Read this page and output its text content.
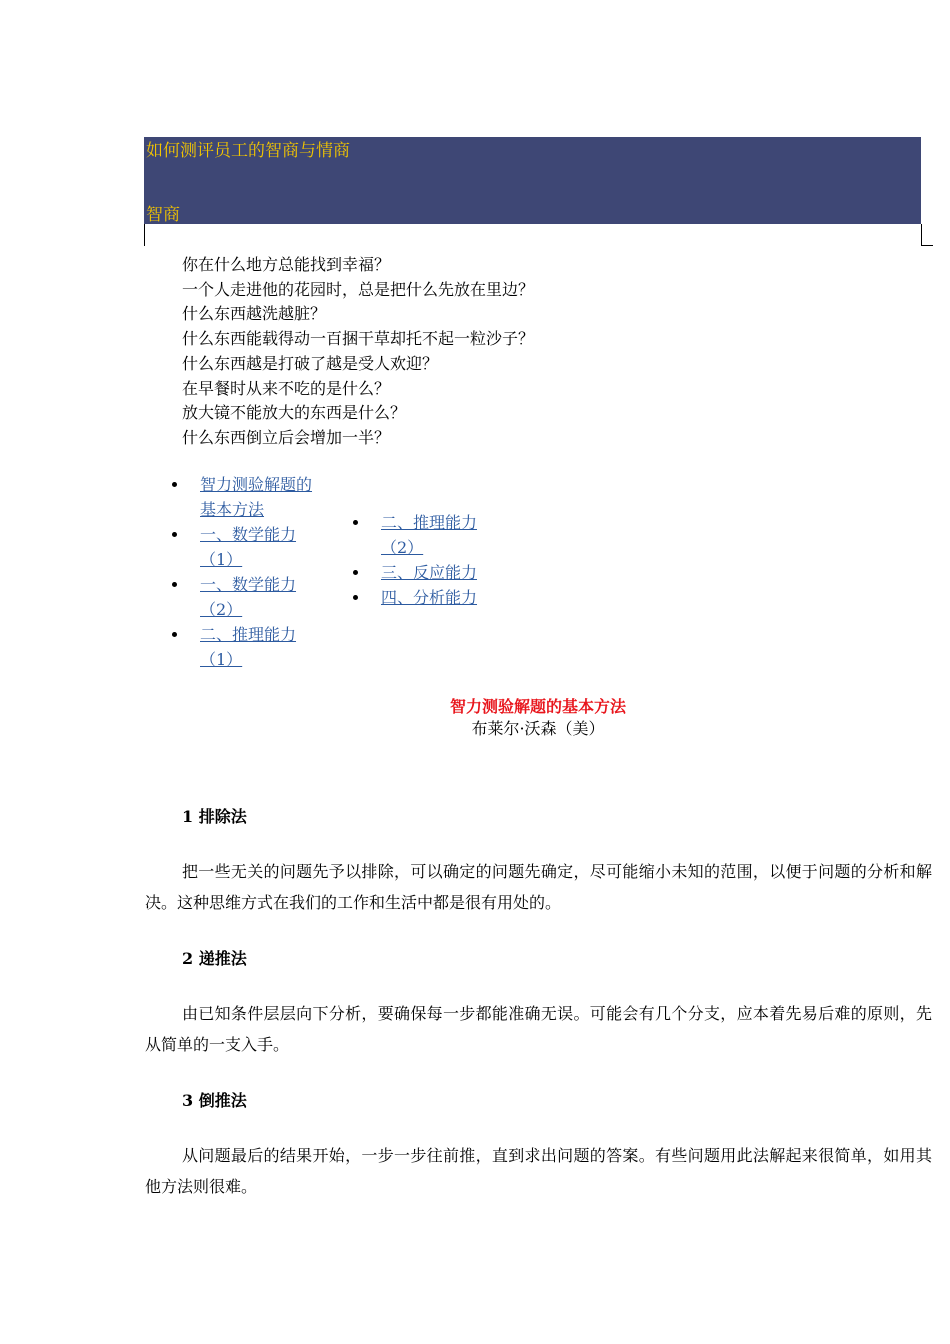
如何测评员工的智商与情商
智商
你在什么地方总能找到幸福？
一个人走进他的花园时，总是把什么先放在里边？
什么东西越洗越脏？
什么东西能载得动一百捆干草却托不起一粒沙子？
什么东西越是打破了越是受人欢迎？
在早餐时从来不吃的是什么？
放大镜不能放大的东西是什么？
什么东西倒立后会增加一半？
智力测验解题的基本方法
一、数学能力（1）
一、数学能力（2）
二、推理能力（1）
二、推理能力（2）
三、反应能力
四、分析能力
智力测验解题的基本方法
布莱尔·沃森（美）
1 排除法

把一些无关的问题先予以排除，可以确定的问题先确定，尽可能缩小未知的范围，以便于问题的分析和解决。这种思维方式在我们的工作和生活中都是很有用处的。

2 递推法

由已知条件层层向下分析，要确保每一步都能准确无误。可能会有几个分支，应本着先易后难的原则，先从简单的一支入手。

3 倒推法

从问题最后的结果开始，一步一步往前推，直到求出问题的答案。有些问题用此法解起来很简单，如用其他方法则很难。
